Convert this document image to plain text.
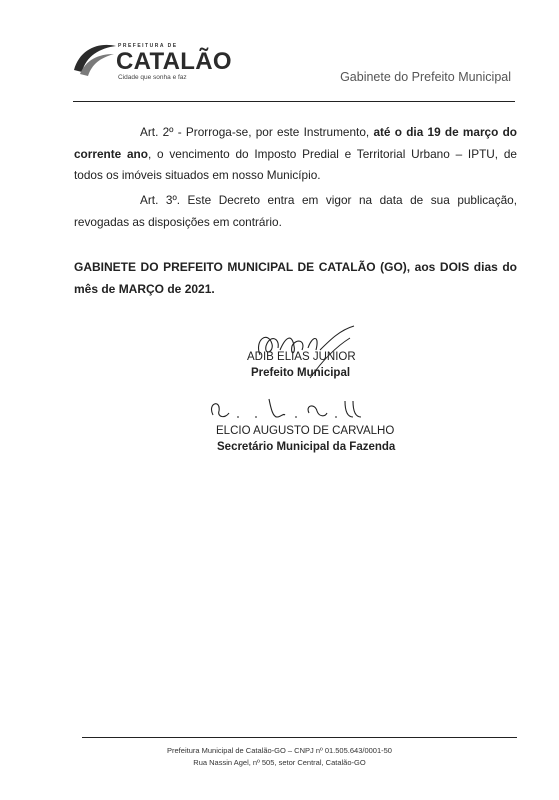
PREFEITURA DE
CATALÃO
Cidade que sonha e faz	Gabinete do Prefeito Municipal
Art. 2º - Prorroga-se, por este Instrumento, até o dia 19 de março do corrente ano, o vencimento do Imposto Predial e Territorial Urbano – IPTU, de todos os imóveis situados em nosso Município.
Art. 3º. Este Decreto entra em vigor na data de sua publicação, revogadas as disposições em contrário.
GABINETE DO PREFEITO MUNICIPAL DE CATALÃO (GO), aos DOIS dias do mês de MARÇO de 2021.
ADIB ELIAS JUNIOR
Prefeito Municipal
ELCIO AUGUSTO DE CARVALHO
Secretário Municipal da Fazenda
Prefeitura Municipal de Catalão-GO – CNPJ nº 01.505.643/0001-50
Rua Nassin Agel, nº 505, setor Central, Catalão-GO
